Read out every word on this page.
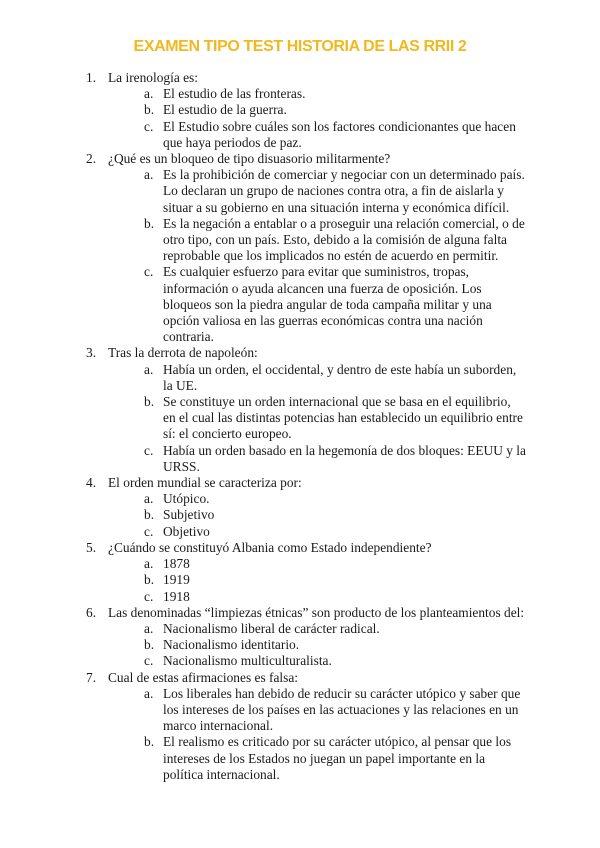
EXAMEN TIPO TEST HISTORIA DE LAS RRII 2
1. La irenología es:
a. El estudio de las fronteras.
b. El estudio de la guerra.
c. El Estudio sobre cuáles son los factores condicionantes que hacen que haya periodos de paz.
2. ¿Qué es un bloqueo de tipo disuasorio militarmente?
a. Es la prohibición de comerciar y negociar con un determinado país. Lo declaran un grupo de naciones contra otra, a fin de aislarla y situar a su gobierno en una situación interna y económica difícil.
b. Es la negación a entablar o a proseguir una relación comercial, o de otro tipo, con un país. Esto, debido a la comisión de alguna falta reprobable que los implicados no estén de acuerdo en permitir.
c. Es cualquier esfuerzo para evitar que suministros, tropas, información o ayuda alcancen una fuerza de oposición. Los bloqueos son la piedra angular de toda campaña militar y una opción valiosa en las guerras económicas contra una nación contraria.
3. Tras la derrota de napoleón:
a. Había un orden, el occidental, y dentro de este había un suborden, la UE.
b. Se constituye un orden internacional que se basa en el equilibrio, en el cual las distintas potencias han establecido un equilibrio entre sí: el concierto europeo.
c. Había un orden basado en la hegemonía de dos bloques: EEUU y la URSS.
4. El orden mundial se caracteriza por:
a. Utópico.
b. Subjetivo
c. Objetivo
5. ¿Cuándo se constituyó Albania como Estado independiente?
a. 1878
b. 1919
c. 1918
6. Las denominadas “limpiezas étnicas” son producto de los planteamientos del:
a. Nacionalismo liberal de carácter radical.
b. Nacionalismo identitario.
c. Nacionalismo multiculturalista.
7. Cual de estas afirmaciones es falsa:
a. Los liberales han debido de reducir su carácter utópico y saber que los intereses de los países en las actuaciones y las relaciones en un marco internacional.
b. El realismo es criticado por su carácter utópico, al pensar que los intereses de los Estados no juegan un papel importante en la política internacional.
